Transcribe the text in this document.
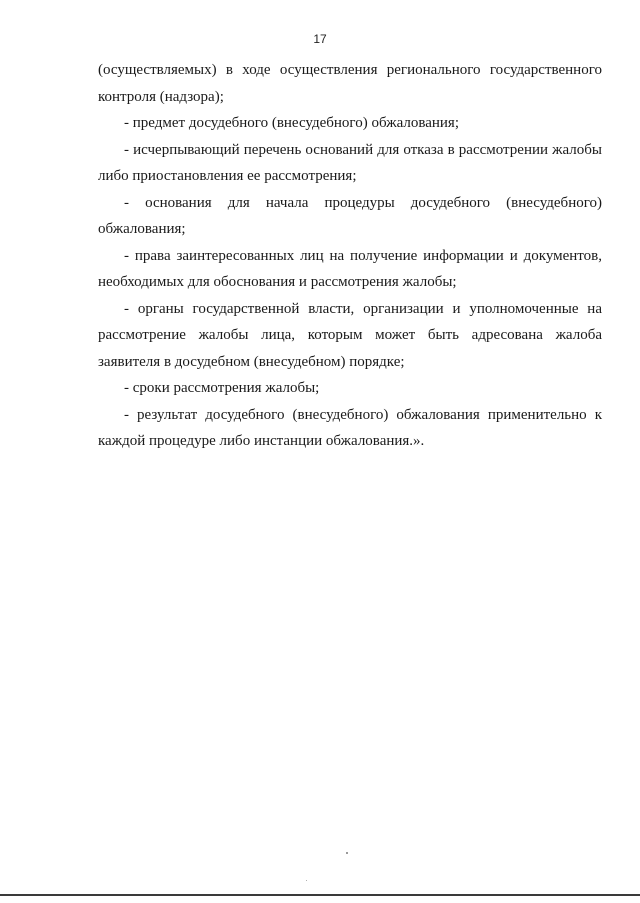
17

(осуществляемых) в ходе осуществления регионального государственного контроля (надзора);

- предмет досудебного (внесудебного) обжалования;

- исчерпывающий перечень оснований для отказа в рассмотрении жалобы либо приостановления ее рассмотрения;

- основания для начала процедуры досудебного (внесудебного) обжалования;

- права заинтересованных лиц на получение информации и документов, необходимых для обоснования и рассмотрения жалобы;

- органы государственной власти, организации и уполномоченные на рассмотрение жалобы лица, которым может быть адресована жалоба заявителя в досудебном (внесудебном) порядке;

- сроки рассмотрения жалобы;

- результат досудебного (внесудебного) обжалования применительно к каждой процедуре либо инстанции обжалования.».
